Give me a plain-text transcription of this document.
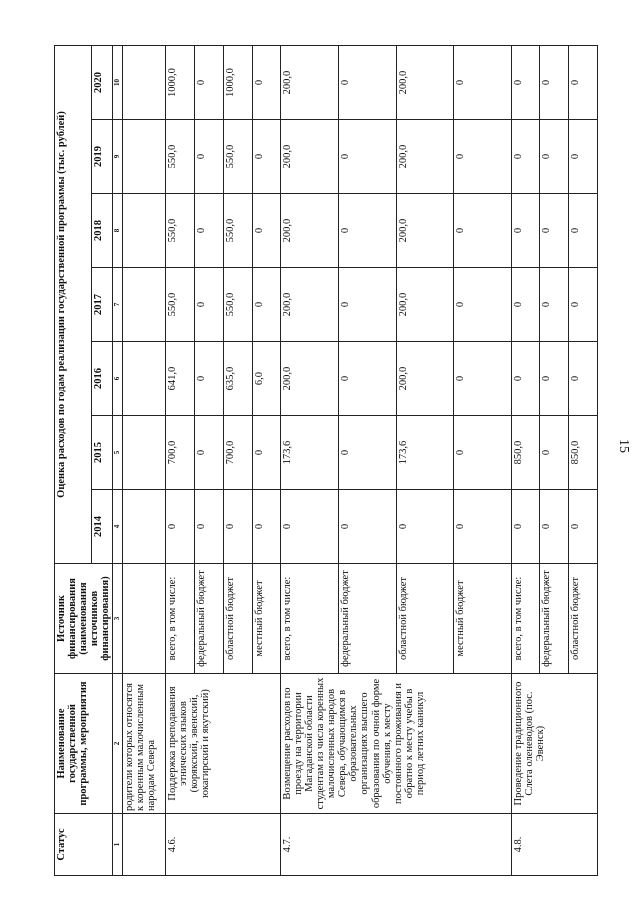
15
Статус	Наименование государственной программы, мероприятия	Источник финансирования (наименования источников финансирования)	Оценка расходов по годам реализации государственной программы (тыс. рублей)						
			2014	2015	2016	2017	2018	2019	2020
1	2	3	4	5	6	7	8	9	10
	родители которых относятся к коренным малочисленным народам Севера								
4.6.	Поддержка преподавания этнических языков (корякский, эвенский, юкагирский и якутский)	всего, в том числе:	0	700,0	641,0	550,0	550,0	550,0	1000,0
		федеральный бюджет	0	0	0	0	0	0	0
		областной бюджет	0	700,0	635,0	550,0	550,0	550,0	1000,0
		местный бюджет	0	0	6,0	0	0	0	0
4.7.	Возмещение расходов по проезду на территории Магаданской области студентам из числа коренных малочисленных народов Севера, обучающимся в образовательных организациях высшего образования по очной форме обучения, к месту постоянного проживания и обратно к месту учебы в период летних каникул	всего, в том числе:	0	173,6	200,0	200,0	200,0	200,0	200,0
		федеральный бюджет	0	0	0	0	0	0	0
		областной бюджет	0	173,6	200,0	200,0	200,0	200,0	200,0
		местный бюджет	0	0	0	0	0	0	0
4.8.	Проведение традиционного Слета оленеводов (пос. Эвенск)	всего, в том числе:	0	850,0	0	0	0	0	0
		федеральный бюджет	0	0	0	0	0	0	0
		областной бюджет	0	850,0	0	0	0	0	0
